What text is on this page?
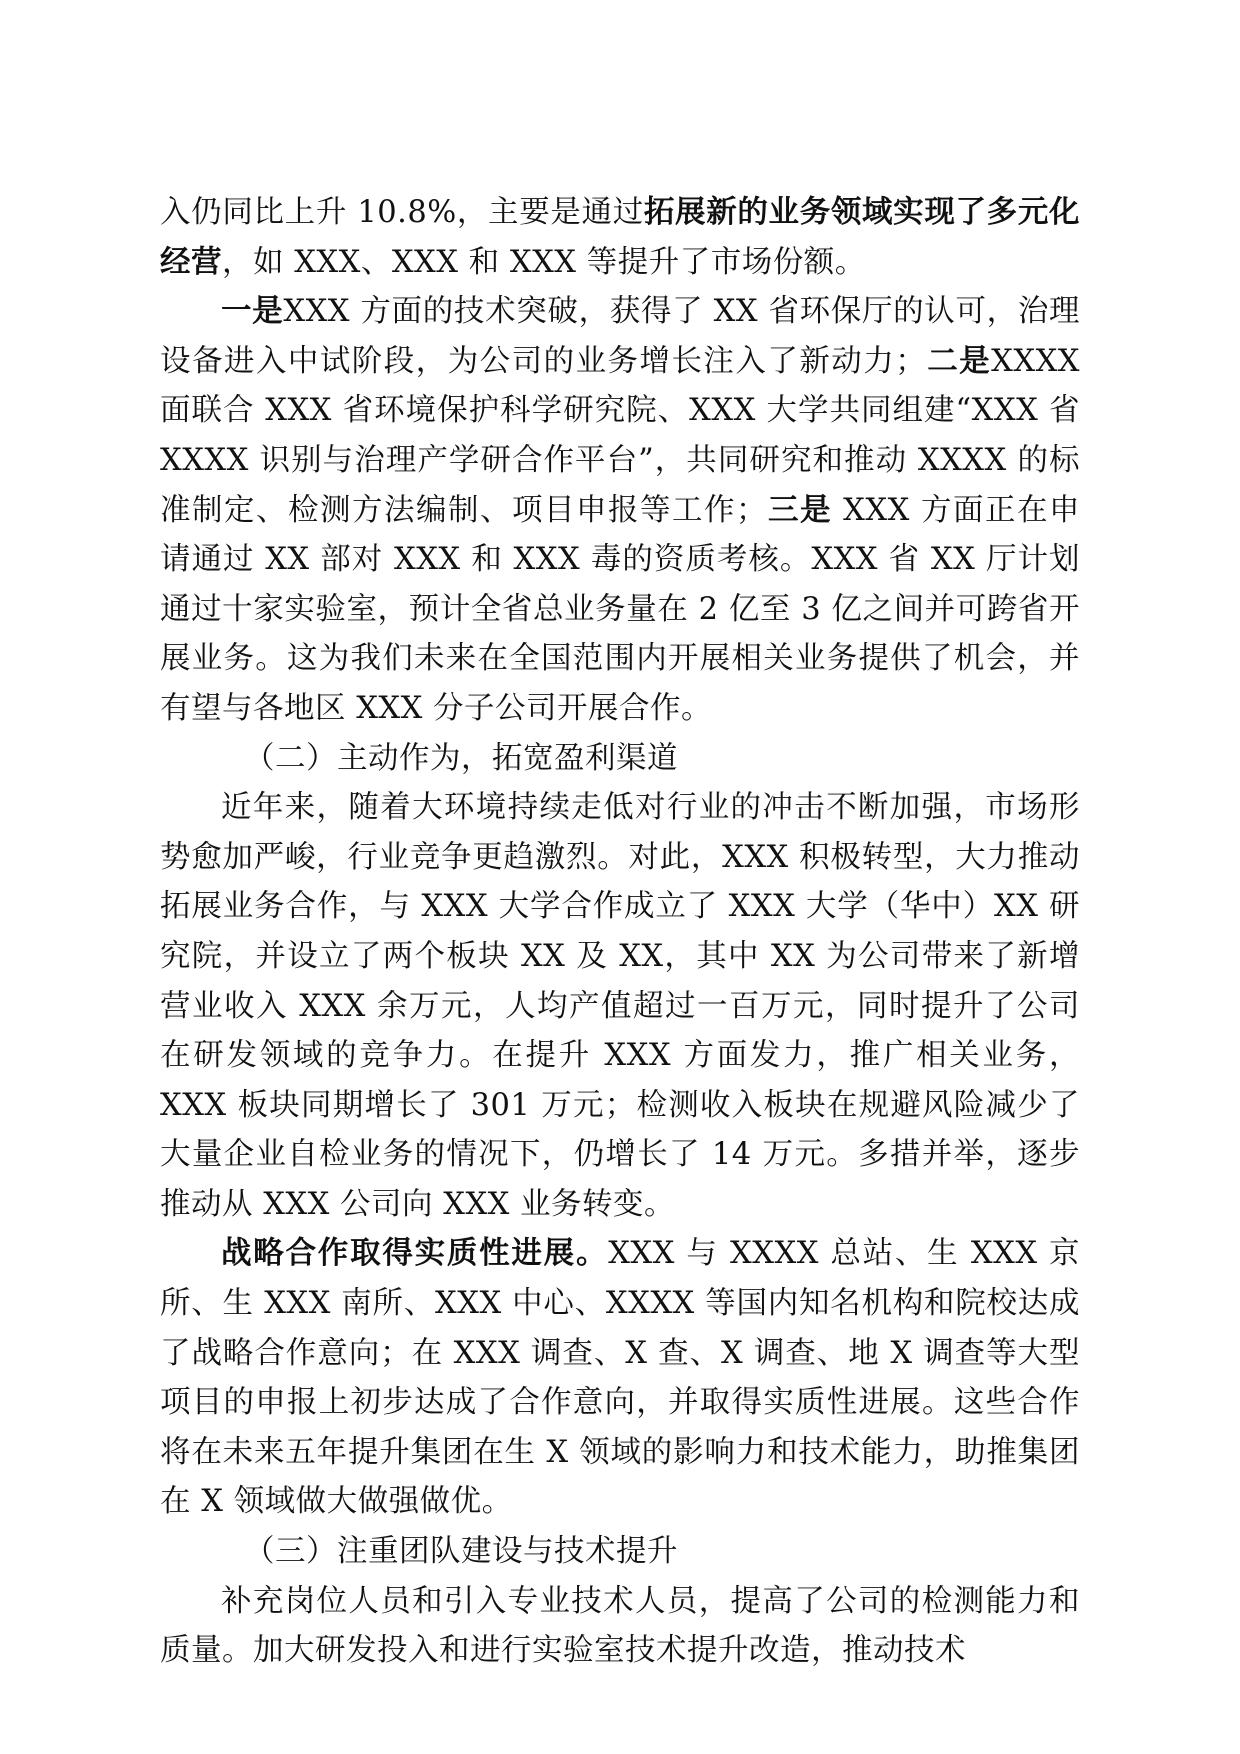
入仍同比上升 10.8%，主要是通过拓展新的业务领域实现了多元化经营，如 XXX、XXX 和 XXX 等提升了市场份额。

一是XXX 方面的技术突破，获得了 XX 省环保厅的认可，治理设备进入中试阶段，为公司的业务增长注入了新动力；二是XXXX 面联合 XXX 省环境保护科学研究院、XXX 大学共同组建“XXX 省 XXXX 识别与治理产学研合作平台”，共同研究和推动 XXXX 的标准制定、检测方法编制、项目申报等工作；三是 XXX 方面正在申请通过 XX 部对 XXX 和 XXX 毒的资质考核。XXX 省 XX 厅计划通过十家实验室，预计全省总业务量在 2 亿至 3 亿之间并可跨省开展业务。这为我们未来在全国范围内开展相关业务提供了机会，并有望与各地区 XXX 分子公司开展合作。

（二）主动作为，拓宽盈利渠道

近年来，随着大环境持续走低对行业的冲击不断加强，市场形势愈加严峻，行业竞争更趋激烈。对此，XXX 积极转型，大力推动拓展业务合作，与 XXX 大学合作成立了 XXX 大学（华中）XX 研究院，并设立了两个板块 XX 及 XX，其中 XX 为公司带来了新增营业收入 XXX 余万元，人均产值超过一百万元，同时提升了公司在研发领域的竞争力。在提升 XXX 方面发力，推广相关业务，XXX 板块同期增长了 301 万元；检测收入板块在规避风险减少了大量企业自检业务的情况下，仍增长了 14 万元。多措并举，逐步推动从 XXX 公司向 XXX 业务转变。

战略合作取得实质性进展。XXX 与 XXXX 总站、生 XXX 京所、生 XXX 南所、XXX 中心、XXXX 等国内知名机构和院校达成了战略合作意向；在 XXX 调查、X 查、X 调查、地 X 调查等大型项目的申报上初步达成了合作意向，并取得实质性进展。这些合作将在未来五年提升集团在生 X 领域的影响力和技术能力，助推集团在 X 领域做大做强做优。

（三）注重团队建设与技术提升

补充岗位人员和引入专业技术人员，提高了公司的检测能力和质量。加大研发投入和进行实验室技术提升改造，推动技术
